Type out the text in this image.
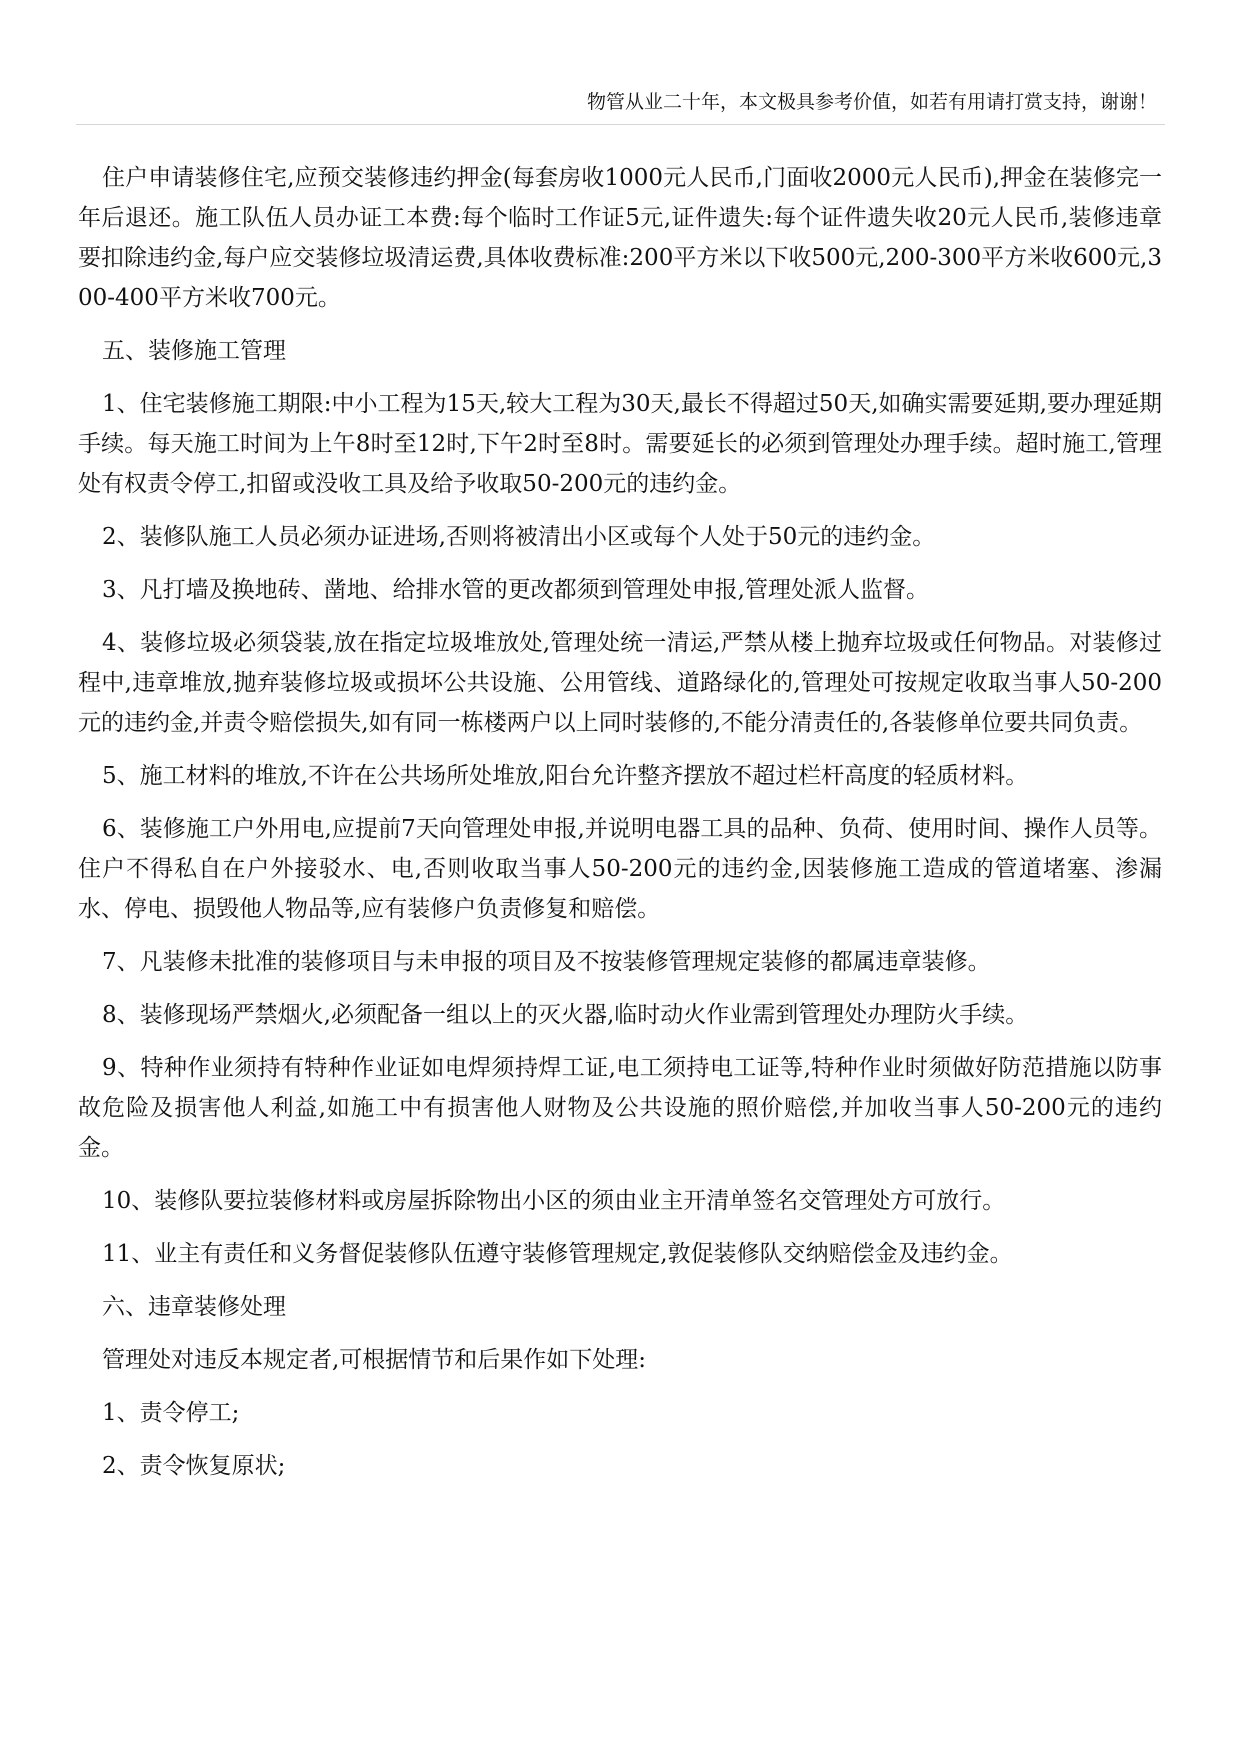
物管从业二十年，本文极具参考价值，如若有用请打赏支持，谢谢！

住户申请装修住宅,应预交装修违约押金(每套房收1000元人民币,门面收2000元人民币),押金在装修完一年后退还。施工队伍人员办证工本费:每个临时工作证5元,证件遗失:每个证件遗失收20元人民币,装修违章要扣除违约金,每户应交装修垃圾清运费,具体收费标准:200平方米以下收500元,200-300平方米收600元,300-400平方米收700元。

五、装修施工管理

1、住宅装修施工期限:中小工程为15天,较大工程为30天,最长不得超过50天,如确实需要延期,要办理延期手续。每天施工时间为上午8时至12时,下午2时至8时。需要延长的必须到管理处办理手续。超时施工,管理处有权责令停工,扣留或没收工具及给予收取50-200元的违约金。

2、装修队施工人员必须办证进场,否则将被清出小区或每个人处于50元的违约金。

3、凡打墙及换地砖、凿地、给排水管的更改都须到管理处申报,管理处派人监督。

4、装修垃圾必须袋装,放在指定垃圾堆放处,管理处统一清运,严禁从楼上抛弃垃圾或任何物品。对装修过程中,违章堆放,抛弃装修垃圾或损坏公共设施、公用管线、道路绿化的,管理处可按规定收取当事人50-200元的违约金,并责令赔偿损失,如有同一栋楼两户以上同时装修的,不能分清责任的,各装修单位要共同负责。

5、施工材料的堆放,不许在公共场所处堆放,阳台允许整齐摆放不超过栏杆高度的轻质材料。

6、装修施工户外用电,应提前7天向管理处申报,并说明电器工具的品种、负荷、使用时间、操作人员等。住户不得私自在户外接驳水、电,否则收取当事人50-200元的违约金,因装修施工造成的管道堵塞、渗漏水、停电、损毁他人物品等,应有装修户负责修复和赔偿。

7、凡装修未批准的装修项目与未申报的项目及不按装修管理规定装修的都属违章装修。

8、装修现场严禁烟火,必须配备一组以上的灭火器,临时动火作业需到管理处办理防火手续。

9、特种作业须持有特种作业证如电焊须持焊工证,电工须持电工证等,特种作业时须做好防范措施以防事故危险及损害他人利益,如施工中有损害他人财物及公共设施的照价赔偿,并加收当事人50-200元的违约金。

10、装修队要拉装修材料或房屋拆除物出小区的须由业主开清单签名交管理处方可放行。

11、业主有责任和义务督促装修队伍遵守装修管理规定,敦促装修队交纳赔偿金及违约金。

六、违章装修处理

管理处对违反本规定者,可根据情节和后果作如下处理:

1、责令停工;

2、责令恢复原状;
